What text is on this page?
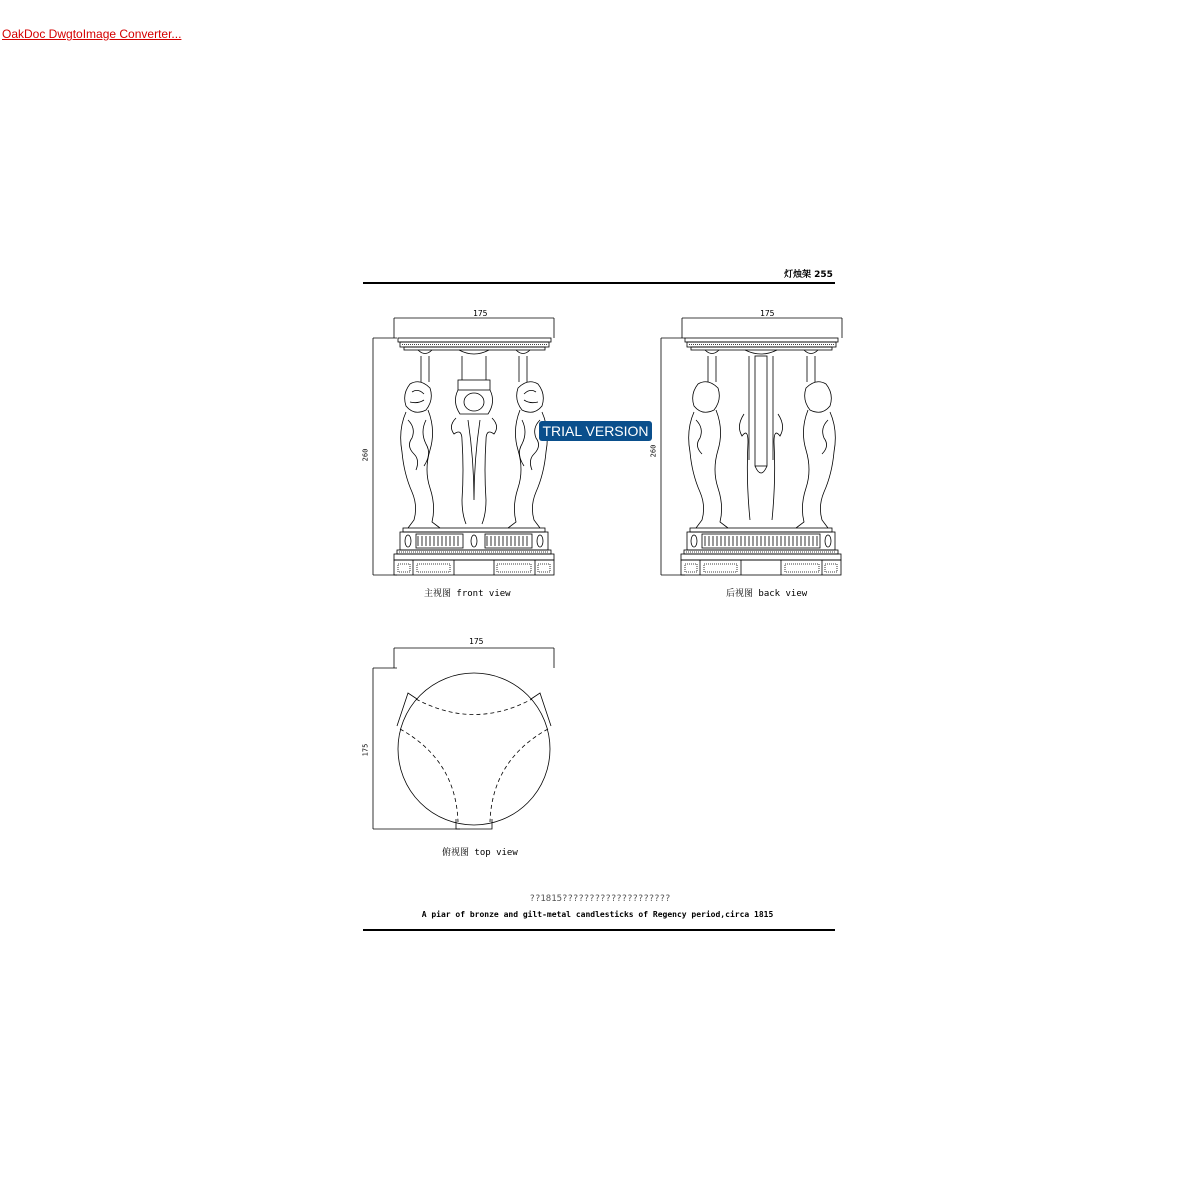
OakDoc DwgtoImage Converter...
灯烛架 255
175
260
175
260
175
175
主视图 front view	后视图 back view
俯视图 top view
TRIAL VERSION
??1815????????????????????
A piar of bronze and gilt-metal candlesticks of Regency period,circa 1815
